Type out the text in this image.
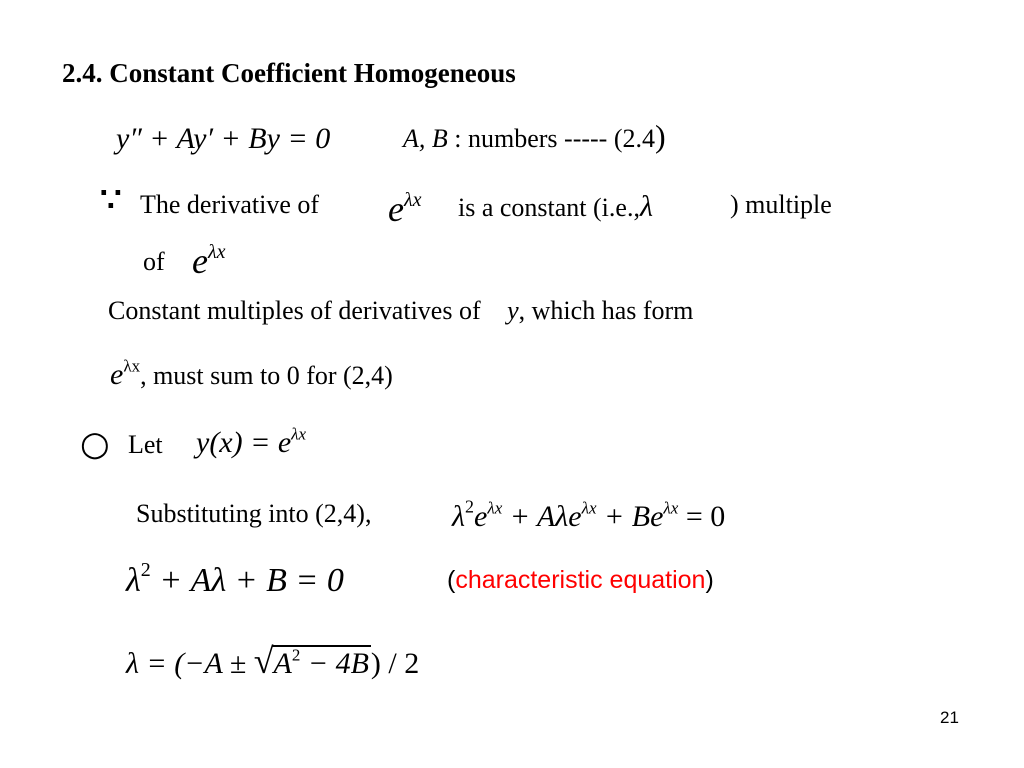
2.4. Constant Coefficient Homogeneous
y″ + Ay′ + By = 0	A, B : numbers ----- (2.4)
∵ The derivative of $e^{\lambda x}$ is a constant (i.e.,λ	) multiple
of $e^{\lambda x}$
Constant multiples of derivatives of y, which has form
$e^{\lambda x}$, must sum to 0 for (2,4)
○ Let $y(x) = e^{\lambda x}$
Substituting into (2,4),	$\lambda^2e^{\lambda x} + A\lambda e^{\lambda x} + Be^{\lambda x} = 0$
$\lambda^2 + A\lambda + B = 0$	(characteristic equation)
$\lambda = (-A \pm √A^2 - 4B) / 2$
21
